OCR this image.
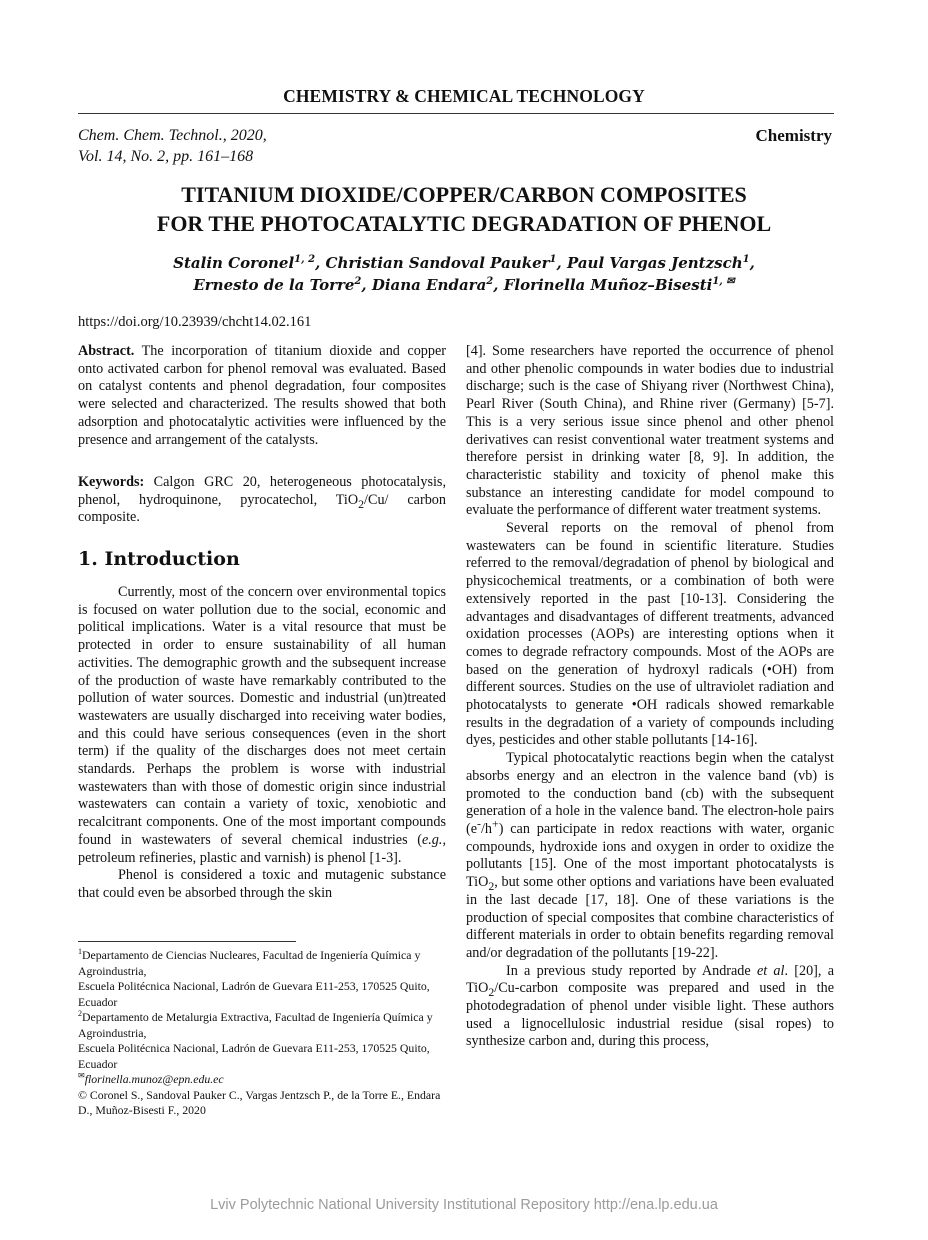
CHEMISTRY & CHEMICAL TECHNOLOGY
Chem. Chem. Technol., 2020,
Vol. 14, No. 2, pp. 161–168
Chemistry
TITANIUM DIOXIDE/COPPER/CARBON COMPOSITES
FOR THE PHOTOCATALYTIC DEGRADATION OF PHENOL
Stalin Coronel$^{1, 2}$, Christian Sandoval Pauker$^1$, Paul Vargas Jentzsch$^1$,
Ernesto de la Torre$^2$, Diana Endara$^2$, Florinella Muñoz–Bisesti$^{1, ✉}$
https://doi.org/10.23939/chcht14.02.161

Abstract. The incorporation of titanium dioxide and copper onto activated carbon for phenol removal was evaluated. Based on catalyst contents and phenol degradation, four composites were selected and characterized. The results showed that both adsorption and photocatalytic activities were influenced by the presence and arrangement of the catalysts.

Keywords: Calgon GRC 20, heterogeneous photocatalysis, phenol, hydroquinone, pyrocatechol, TiO$_2$/Cu/ carbon composite.

1. Introduction

Currently, most of the concern over environmental topics is focused on water pollution due to the social, economic and political implications. Water is a vital resource that must be protected in order to ensure sustainability of all human activities. The demographic growth and the subsequent increase of the production of waste have remarkably contributed to the pollution of water sources. Domestic and industrial (un)treated wastewaters are usually discharged into receiving water bodies, and this could have serious consequences (even in the short term) if the quality of the discharges does not meet certain standards. Perhaps the problem is worse with industrial wastewaters than with those of domestic origin since industrial wastewaters can contain a variety of toxic, xenobiotic and recalcitrant components. One of the most important compounds found in wastewaters of several chemical industries (e.g., petroleum refineries, plastic and varnish) is phenol [1-3].

Phenol is considered a toxic and mutagenic substance that could even be absorbed through the skin

$^1$Departamento de Ciencias Nucleares, Facultad de Ingeniería Química y Agroindustria,

Escuela Politécnica Nacional, Ladrón de Guevara E11-253, 170525 Quito, Ecuador

$^2$Departamento de Metalurgia Extractiva, Facultad de Ingeniería Química y Agroindustria,

Escuela Politécnica Nacional, Ladrón de Guevara E11-253, 170525 Quito, Ecuador

✉florinella.munoz@epn.edu.ec

© Coronel S., Sandoval Pauker C., Vargas Jentzsch P., de la Torre E., Endara D., Muñoz-Bisesti F., 2020

[4]. Some researchers have reported the occurrence of phenol and other phenolic compounds in water bodies due to industrial discharge; such is the case of Shiyang river (Northwest China), Pearl River (South China), and Rhine river (Germany) [5-7]. This is a very serious issue since phenol and other phenol derivatives can resist conventional water treatment systems and therefore persist in drinking water [8, 9]. In addition, the characteristic stability and toxicity of phenol make this substance an interesting candidate for model compound to evaluate the performance of different water treatment systems.

Several reports on the removal of phenol from wastewaters can be found in scientific literature. Studies referred to the removal/degradation of phenol by biological and physicochemical treatments, or a combination of both were extensively reported in the past [10-13]. Considering the advantages and disadvantages of different treatments, advanced oxidation processes (AOPs) are interesting options when it comes to degrade refractory compounds. Most of the AOPs are based on the generation of hydroxyl radicals (•OH) from different sources. Studies on the use of ultraviolet radiation and photocatalysts to generate •OH radicals showed remarkable results in the degradation of a variety of compounds including dyes, pesticides and other stable pollutants [14-16].

Typical photocatalytic reactions begin when the catalyst absorbs energy and an electron in the valence band (vb) is promoted to the conduction band (cb) with the subsequent generation of a hole in the valence band. The electron-hole pairs (e-/h+) can participate in redox reactions with water, organic compounds, hydroxide ions and oxygen in order to oxidize the pollutants [15]. One of the most important photocatalysts is TiO$_2$, but some other options and variations have been evaluated in the last decade [17, 18]. One of these variations is the production of special composites that combine characteristics of different materials in order to obtain benefits regarding removal and/or degradation of the pollutants [19-22].

In a previous study reported by Andrade et al. [20], a TiO$_2$/Cu-carbon composite was prepared and used in the photodegradation of phenol under visible light. These authors used a lignocellulosic industrial residue (sisal ropes) to synthesize carbon and, during this process,

Lviv Polytechnic National University Institutional Repository http://ena.lp.edu.ua
